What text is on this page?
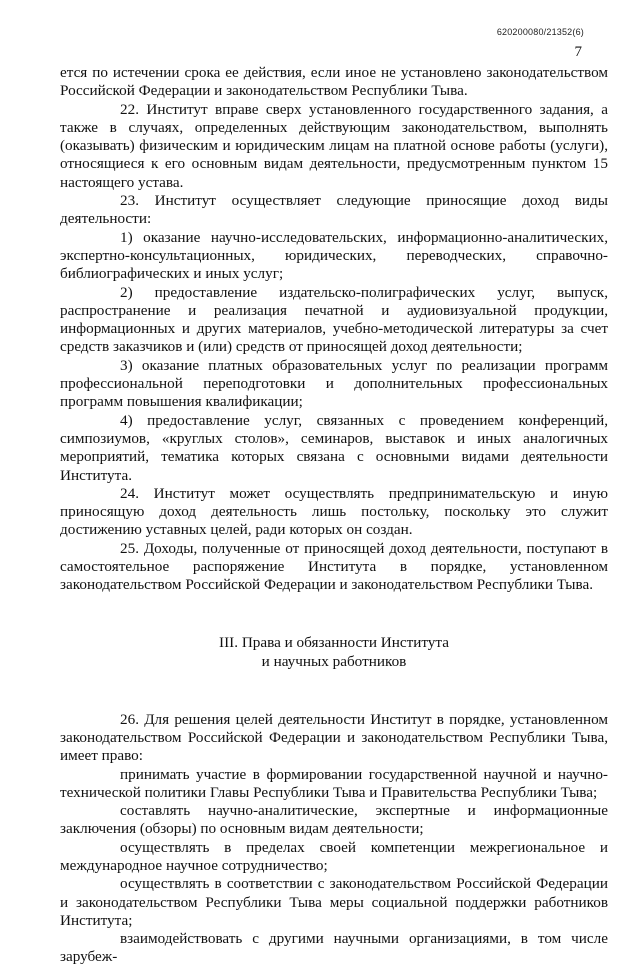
620200080/21352(6)
7

ется по истечении срока ее действия, если иное не установлено законодательством Российской Федерации и законодательством Республики Тыва.

22. Институт вправе сверх установленного государственного задания, а также в случаях, определенных действующим законодательством, выполнять (оказывать) физическим и юридическим лицам на платной основе работы (услуги), относящиеся к его основным видам деятельности, предусмотренным пунктом 15 настоящего устава.

23. Институт осуществляет следующие приносящие доход виды деятельности:

1) оказание научно-исследовательских, информационно-аналитических, экспертно-консультационных, юридических, переводческих, справочно-библиографических и иных услуг;

2) предоставление издательско-полиграфических услуг, выпуск, распространение и реализация печатной и аудиовизуальной продукции, информационных и других материалов, учебно-методической литературы за счет средств заказчиков и (или) средств от приносящей доход деятельности;

3) оказание платных образовательных услуг по реализации программ профессиональной переподготовки и дополнительных профессиональных программ повышения квалификации;

4) предоставление услуг, связанных с проведением конференций, симпозиумов, «круглых столов», семинаров, выставок и иных аналогичных мероприятий, тематика которых связана с основными видами деятельности Института.

24. Институт может осуществлять предпринимательскую и иную приносящую доход деятельность лишь постольку, поскольку это служит достижению уставных целей, ради которых он создан.

25. Доходы, полученные от приносящей доход деятельности, поступают в самостоятельное распоряжение Института в порядке, установленном законодательством Российской Федерации и законодательством Республики Тыва.

III. Права и обязанности Института
и научных работников

26. Для решения целей деятельности Институт в порядке, установленном законодательством Российской Федерации и законодательством Республики Тыва, имеет право:

принимать участие в формировании государственной научной и научно-технической политики Главы Республики Тыва и Правительства Республики Тыва;

составлять научно-аналитические, экспертные и информационные заключения (обзоры) по основным видам деятельности;

осуществлять в пределах своей компетенции межрегиональное и международное научное сотрудничество;

осуществлять в соответствии с законодательством Российской Федерации и законодательством Республики Тыва меры социальной поддержки работников Института;

взаимодействовать с другими научными организациями, в том числе зарубеж-
